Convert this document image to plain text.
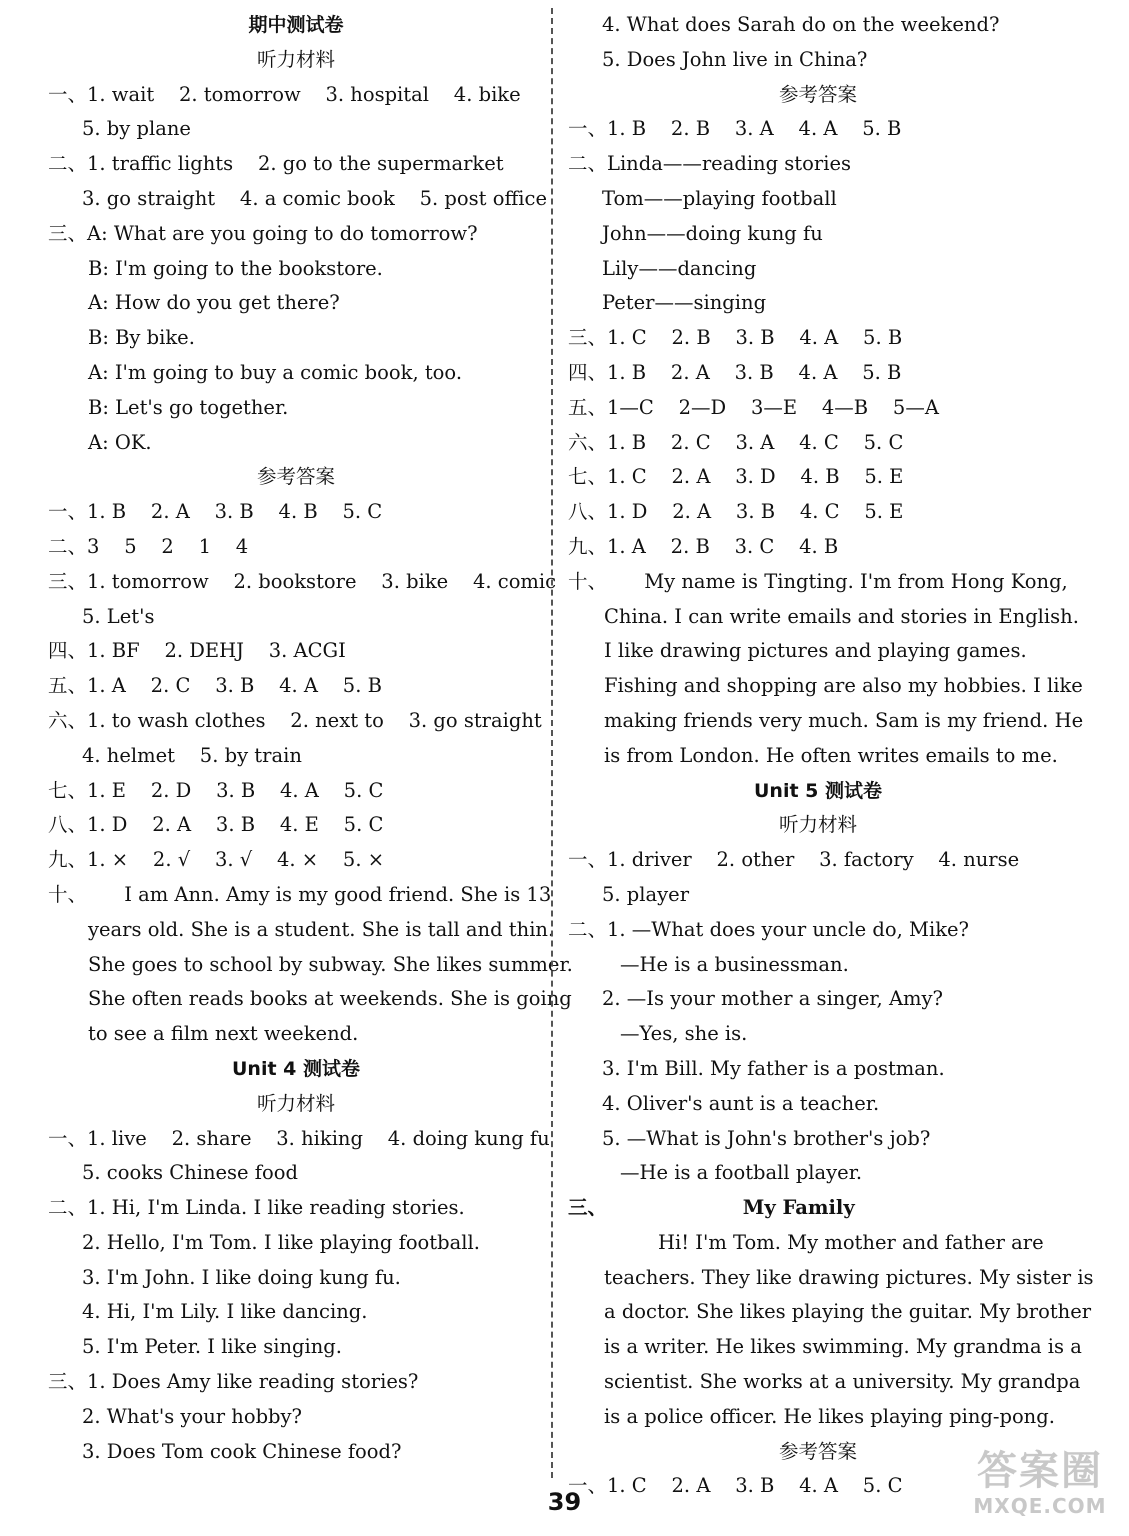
期中测试卷
听力材料
一、1. wait    2. tomorrow    3. hospital    4. bike
5. by plane
二、1. traffic lights    2. go to the supermarket
3. go straight    4. a comic book    5. post office
三、A: What are you going to do tomorrow?
B: I'm going to the bookstore.
A: How do you get there?
B: By bike.
A: I'm going to buy a comic book, too.
B: Let's go together.
A: OK.
参考答案
一、1. B    2. A    3. B    4. B    5. C
二、3    5    2    1    4
三、1. tomorrow    2. bookstore    3. bike    4. comic
5. Let's
四、1. BF    2. DEHJ    3. ACGI
五、1. A    2. C    3. B    4. A    5. B
六、1. to wash clothes    2. next to    3. go straight
4. helmet    5. by train
七、1. E    2. D    3. B    4. A    5. C
八、1. D    2. A    3. B    4. E    5. C
九、1. ×    2. √    3. √    4. ×    5. ×
十、      I am Ann. Amy is my good friend. She is 13
years old. She is a student. She is tall and thin.
She goes to school by subway. She likes summer.
She often reads books at weekends. She is going
to see a film next weekend.
Unit 4 测试卷
听力材料
一、1. live    2. share    3. hiking    4. doing kung fu
5. cooks Chinese food
二、1. Hi, I'm Linda. I like reading stories.
2. Hello, I'm Tom. I like playing football.
3. I'm John. I like doing kung fu.
4. Hi, I'm Lily. I like dancing.
5. I'm Peter. I like singing.
三、1. Does Amy like reading stories?
2. What's your hobby?
3. Does Tom cook Chinese food?
4. What does Sarah do on the weekend?
5. Does John live in China?
参考答案
一、1. B    2. B    3. A    4. A    5. B
二、Linda——reading stories
Tom——playing football
John——doing kung fu
Lily——dancing
Peter——singing
三、1. C    2. B    3. B    4. A    5. B
四、1. B    2. A    3. B    4. A    5. B
五、1—C    2—D    3—E    4—B    5—A
六、1. B    2. C    3. A    4. C    5. C
七、1. C    2. A    3. D    4. B    5. E
八、1. D    2. A    3. B    4. C    5. E
九、1. A    2. B    3. C    4. B
十、      My name is Tingting. I'm from Hong Kong,
China. I can write emails and stories in English.
I like drawing pictures and playing games.
Fishing and shopping are also my hobbies. I like
making friends very much. Sam is my friend. He
is from London. He often writes emails to me.
Unit 5 测试卷
听力材料
一、1. driver    2. other    3. factory    4. nurse
5. player
二、1. —What does your uncle do, Mike?
—He is a businessman.
2. —Is your mother a singer, Amy?
—Yes, she is.
3. I'm Bill. My father is a postman.
4. Oliver's aunt is a teacher.
5. —What is John's brother's job?
—He is a football player.
三、                    My Family
Hi! I'm Tom. My mother and father are
teachers. They like drawing pictures. My sister is
a doctor. She likes playing the guitar. My brother
is a writer. He likes swimming. My grandma is a
scientist. She works at a university. My grandpa
is a police officer. He likes playing ping-pong.
参考答案
一、1. C    2. A    3. B    4. A    5. C
39
答案圈
MXQE.COM
